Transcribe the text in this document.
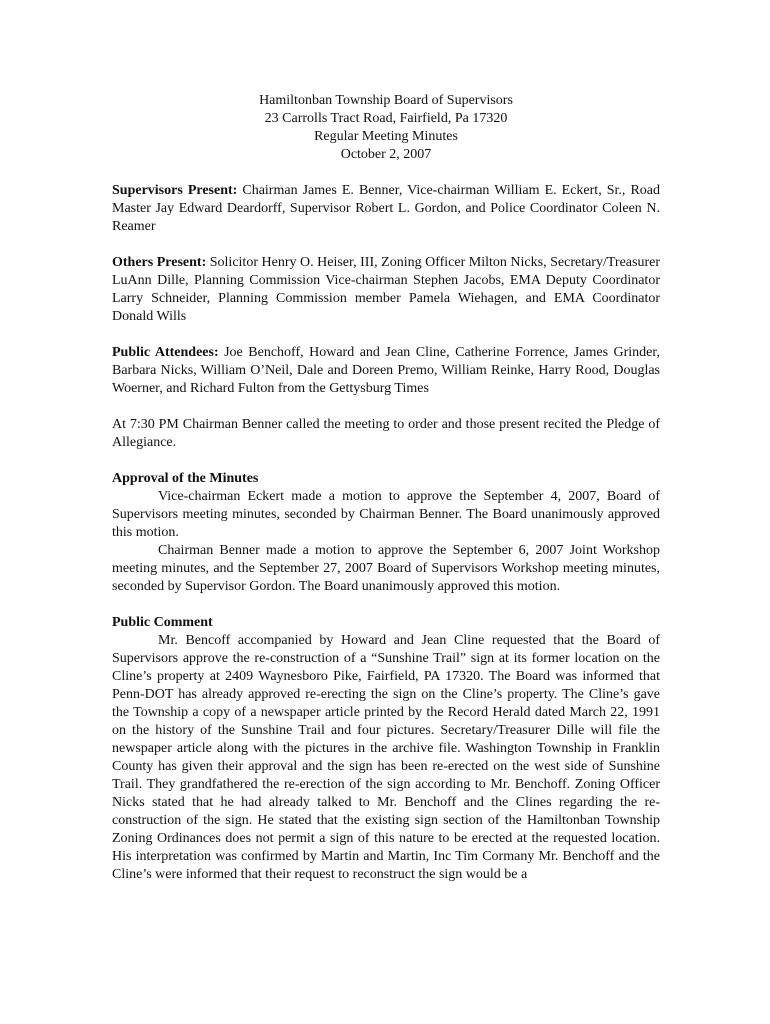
Hamiltonban Township Board of Supervisors
23 Carrolls Tract Road, Fairfield, Pa 17320
Regular Meeting Minutes
October 2, 2007

Supervisors Present: Chairman James E. Benner, Vice-chairman William E. Eckert, Sr., Road Master Jay Edward Deardorff, Supervisor Robert L. Gordon, and Police Coordinator Coleen N. Reamer

Others Present: Solicitor Henry O. Heiser, III, Zoning Officer Milton Nicks, Secretary/Treasurer LuAnn Dille, Planning Commission Vice-chairman Stephen Jacobs, EMA Deputy Coordinator Larry Schneider, Planning Commission member Pamela Wiehagen, and EMA Coordinator Donald Wills

Public Attendees: Joe Benchoff, Howard and Jean Cline, Catherine Forrence, James Grinder, Barbara Nicks, William O’Neil, Dale and Doreen Premo, William Reinke, Harry Rood, Douglas Woerner, and Richard Fulton from the Gettysburg Times

At 7:30 PM Chairman Benner called the meeting to order and those present recited the Pledge of Allegiance.

Approval of the Minutes

Vice-chairman Eckert made a motion to approve the September 4, 2007, Board of Supervisors meeting minutes, seconded by Chairman Benner. The Board unanimously approved this motion.

Chairman Benner made a motion to approve the September 6, 2007 Joint Workshop meeting minutes, and the September 27, 2007 Board of Supervisors Workshop meeting minutes, seconded by Supervisor Gordon. The Board unanimously approved this motion.

Public Comment

Mr. Bencoff accompanied by Howard and Jean Cline requested that the Board of Supervisors approve the re-construction of a “Sunshine Trail” sign at its former location on the Cline’s property at 2409 Waynesboro Pike, Fairfield, PA 17320. The Board was informed that Penn-DOT has already approved re-erecting the sign on the Cline’s property. The Cline’s gave the Township a copy of a newspaper article printed by the Record Herald dated March 22, 1991 on the history of the Sunshine Trail and four pictures. Secretary/Treasurer Dille will file the newspaper article along with the pictures in the archive file. Washington Township in Franklin County has given their approval and the sign has been re-erected on the west side of Sunshine Trail. They grandfathered the re-erection of the sign according to Mr. Benchoff. Zoning Officer Nicks stated that he had already talked to Mr. Benchoff and the Clines regarding the re-construction of the sign. He stated that the existing sign section of the Hamiltonban Township Zoning Ordinances does not permit a sign of this nature to be erected at the requested location. His interpretation was confirmed by Martin and Martin, Inc Tim Cormany Mr. Benchoff and the Cline’s were informed that their request to reconstruct the sign would be a
